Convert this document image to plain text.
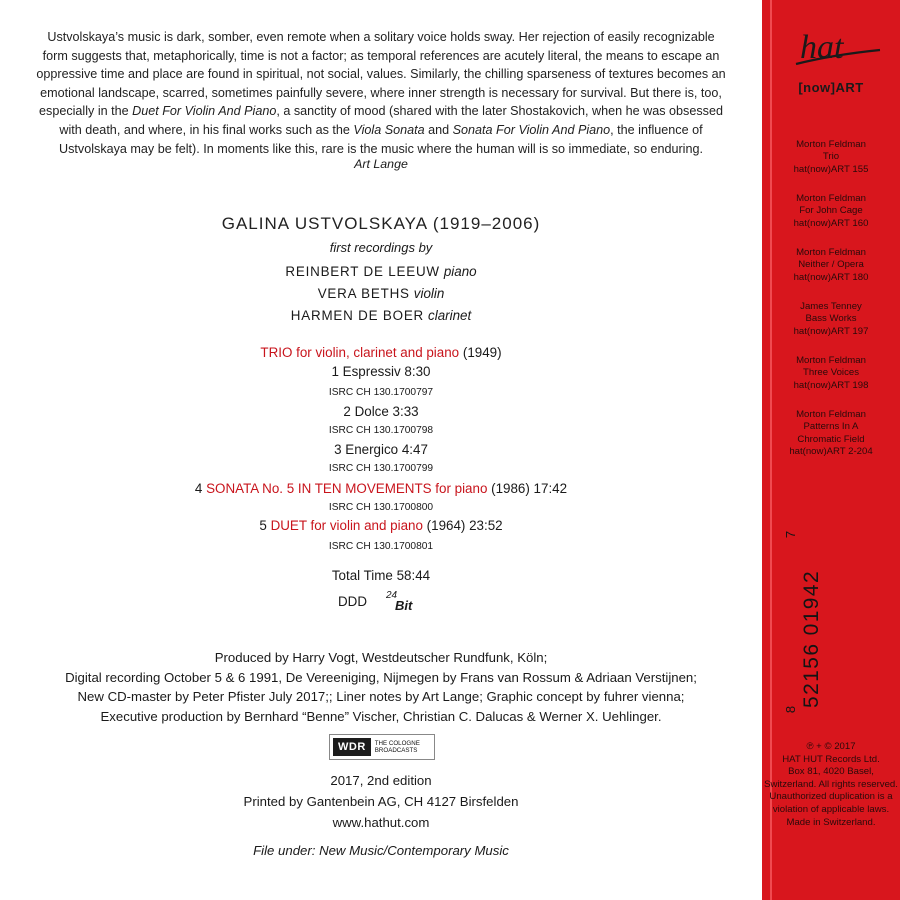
Ustvolskaya’s music is dark, somber, even remote when a solitary voice holds sway. Her rejection of easily recognizable form suggests that, metaphorically, time is not a factor; as temporal references are acutely literal, the means to escape an oppressive time and place are found in spiritual, not social, values. Similarly, the chilling sparseness of textures becomes an emotional landscape, scarred, sometimes painfully severe, where inner strength is necessary for survival. But there is, too, especially in the Duet For Violin And Piano, a sanctity of mood (shared with the later Shostakovich, when he was obsessed with death, and where, in his final works such as the Viola Sonata and Sonata For Violin And Piano, the influence of Ustvolskaya may be felt). In moments like this, rare is the music where the human will is so immediate, so enduring.
Art Lange
GALINA USTVOLSKAYA (1919–2006)
first recordings by
REINBERT DE LEEUW piano
VERA BETHS violin
HARMEN DE BOER clarinet
TRIO for violin, clarinet and piano (1949)
1 Espressiv 8:30
ISRC CH 130.1700797
2 Dolce 3:33
ISRC CH 130.1700798
3 Energico 4:47
ISRC CH 130.1700799
4 SONATA No. 5 IN TEN MOVEMENTS for piano (1986) 17:42
ISRC CH 130.1700800
5 DUET for violin and piano (1964) 23:52
ISRC CH 130.1700801
Total Time 58:44
DDD 24
Bit
Produced by Harry Vogt, Westdeutscher Rundfunk, Köln;
Digital recording October 5 & 6 1991, De Vereeniging, Nijmegen by Frans van Rossum & Adriaan Verstijnen;
New CD-master by Peter Pfister July 2017;; Liner notes by Art Lange; Graphic concept by fuhrer vienna;
Executive production by Bernhard “Benne” Vischer, Christian C. Dalucas & Werner X. Uehlinger.
WDR	THE COLOGNE
BROADCASTS
2017, 2nd edition
Printed by Gantenbein AG, CH 4127 Birsfelden
www.hathut.com
File under: New Music/Contemporary Music
hat
[now]ART
Morton Feldman
Trio
hat(now)ART 155
Morton Feldman
For John Cage
hat(now)ART 160
Morton Feldman
Neither / Opera
hat(now)ART 180
James Tenney
Bass Works
hat(now)ART 197
Morton Feldman
Three Voices
hat(now)ART 198
Morton Feldman
Patterns In A
Chromatic Field
hat(now)ART 2-204
7
52156 01942
8
℗ + © 2017
HAT HUT Records Ltd.
Box 81, 4020 Basel,
Switzerland. All rights reserved.
Unauthorized duplication is a
violation of applicable laws.
Made in Switzerland.
